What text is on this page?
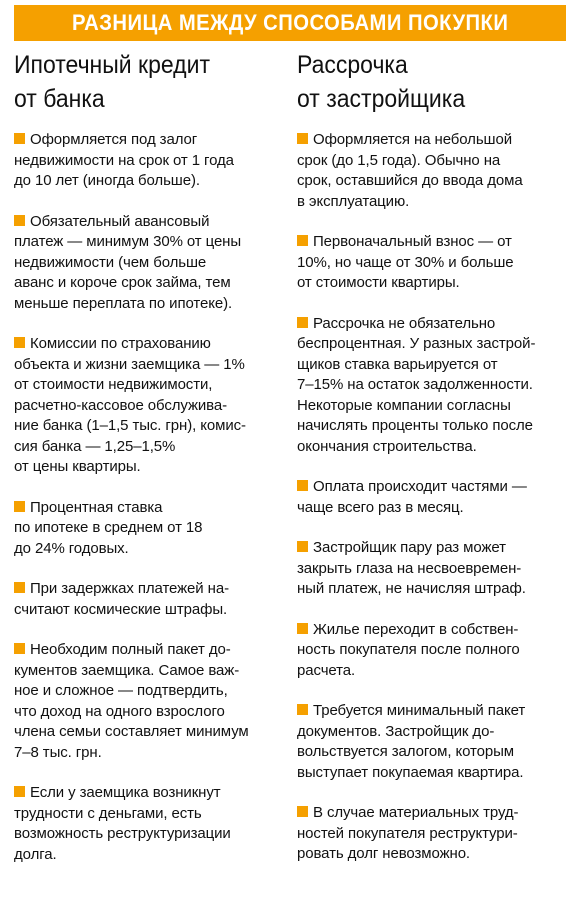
РАЗНИЦА МЕЖДУ СПОСОБАМИ ПОКУПКИ
Ипотечный кредит
от банка
Оформляется под залог
недвижимости на срок от 1 года
до 10 лет (иногда больше).
Обязательный авансовый
платеж — минимум 30% от цены
недвижимости (чем больше
аванс и короче срок займа, тем
меньше переплата по ипотеке).
Комиссии по страхованию
объекта и жизни заемщика — 1%
от стоимости недвижимости,
расчетно-кассовое обслужива-
ние банка (1–1,5 тыс. грн), комис-
сия банка — 1,25–1,5%
от цены квартиры.
Процентная ставка
по ипотеке в среднем от 18
до 24% годовых.
При задержках платежей на-
считают космические штрафы.
Необходим полный пакет до-
кументов заемщика. Самое важ-
ное и сложное — подтвердить,
что доход на одного взрослого
члена семьи составляет минимум
7–8 тыс. грн.
Если у заемщика возникнут
трудности с деньгами, есть
возможность реструктуризации
долга.
Рассрочка
от застройщика
Оформляется на небольшой
срок (до 1,5 года). Обычно на
срок, оставшийся до ввода дома
в эксплуатацию.
Первоначальный взнос — от
10%, но чаще от 30% и больше
от стоимости квартиры.
Рассрочка не обязательно
беспроцентная. У разных застрой-
щиков ставка варьируется от
7–15% на остаток задолженности.
Некоторые компании согласны
начислять проценты только после
окончания строительства.
Оплата происходит частями —
чаще всего раз в месяц.
Застройщик пару раз может
закрыть глаза на несвоевремен-
ный платеж, не начисляя штраф.
Жилье переходит в собствен-
ность покупателя после полного
расчета.
Требуется минимальный пакет
документов. Застройщик до-
вольствуется залогом, которым
выступает покупаемая квартира.
В случае материальных труд-
ностей покупателя реструктури-
ровать долг невозможно.
